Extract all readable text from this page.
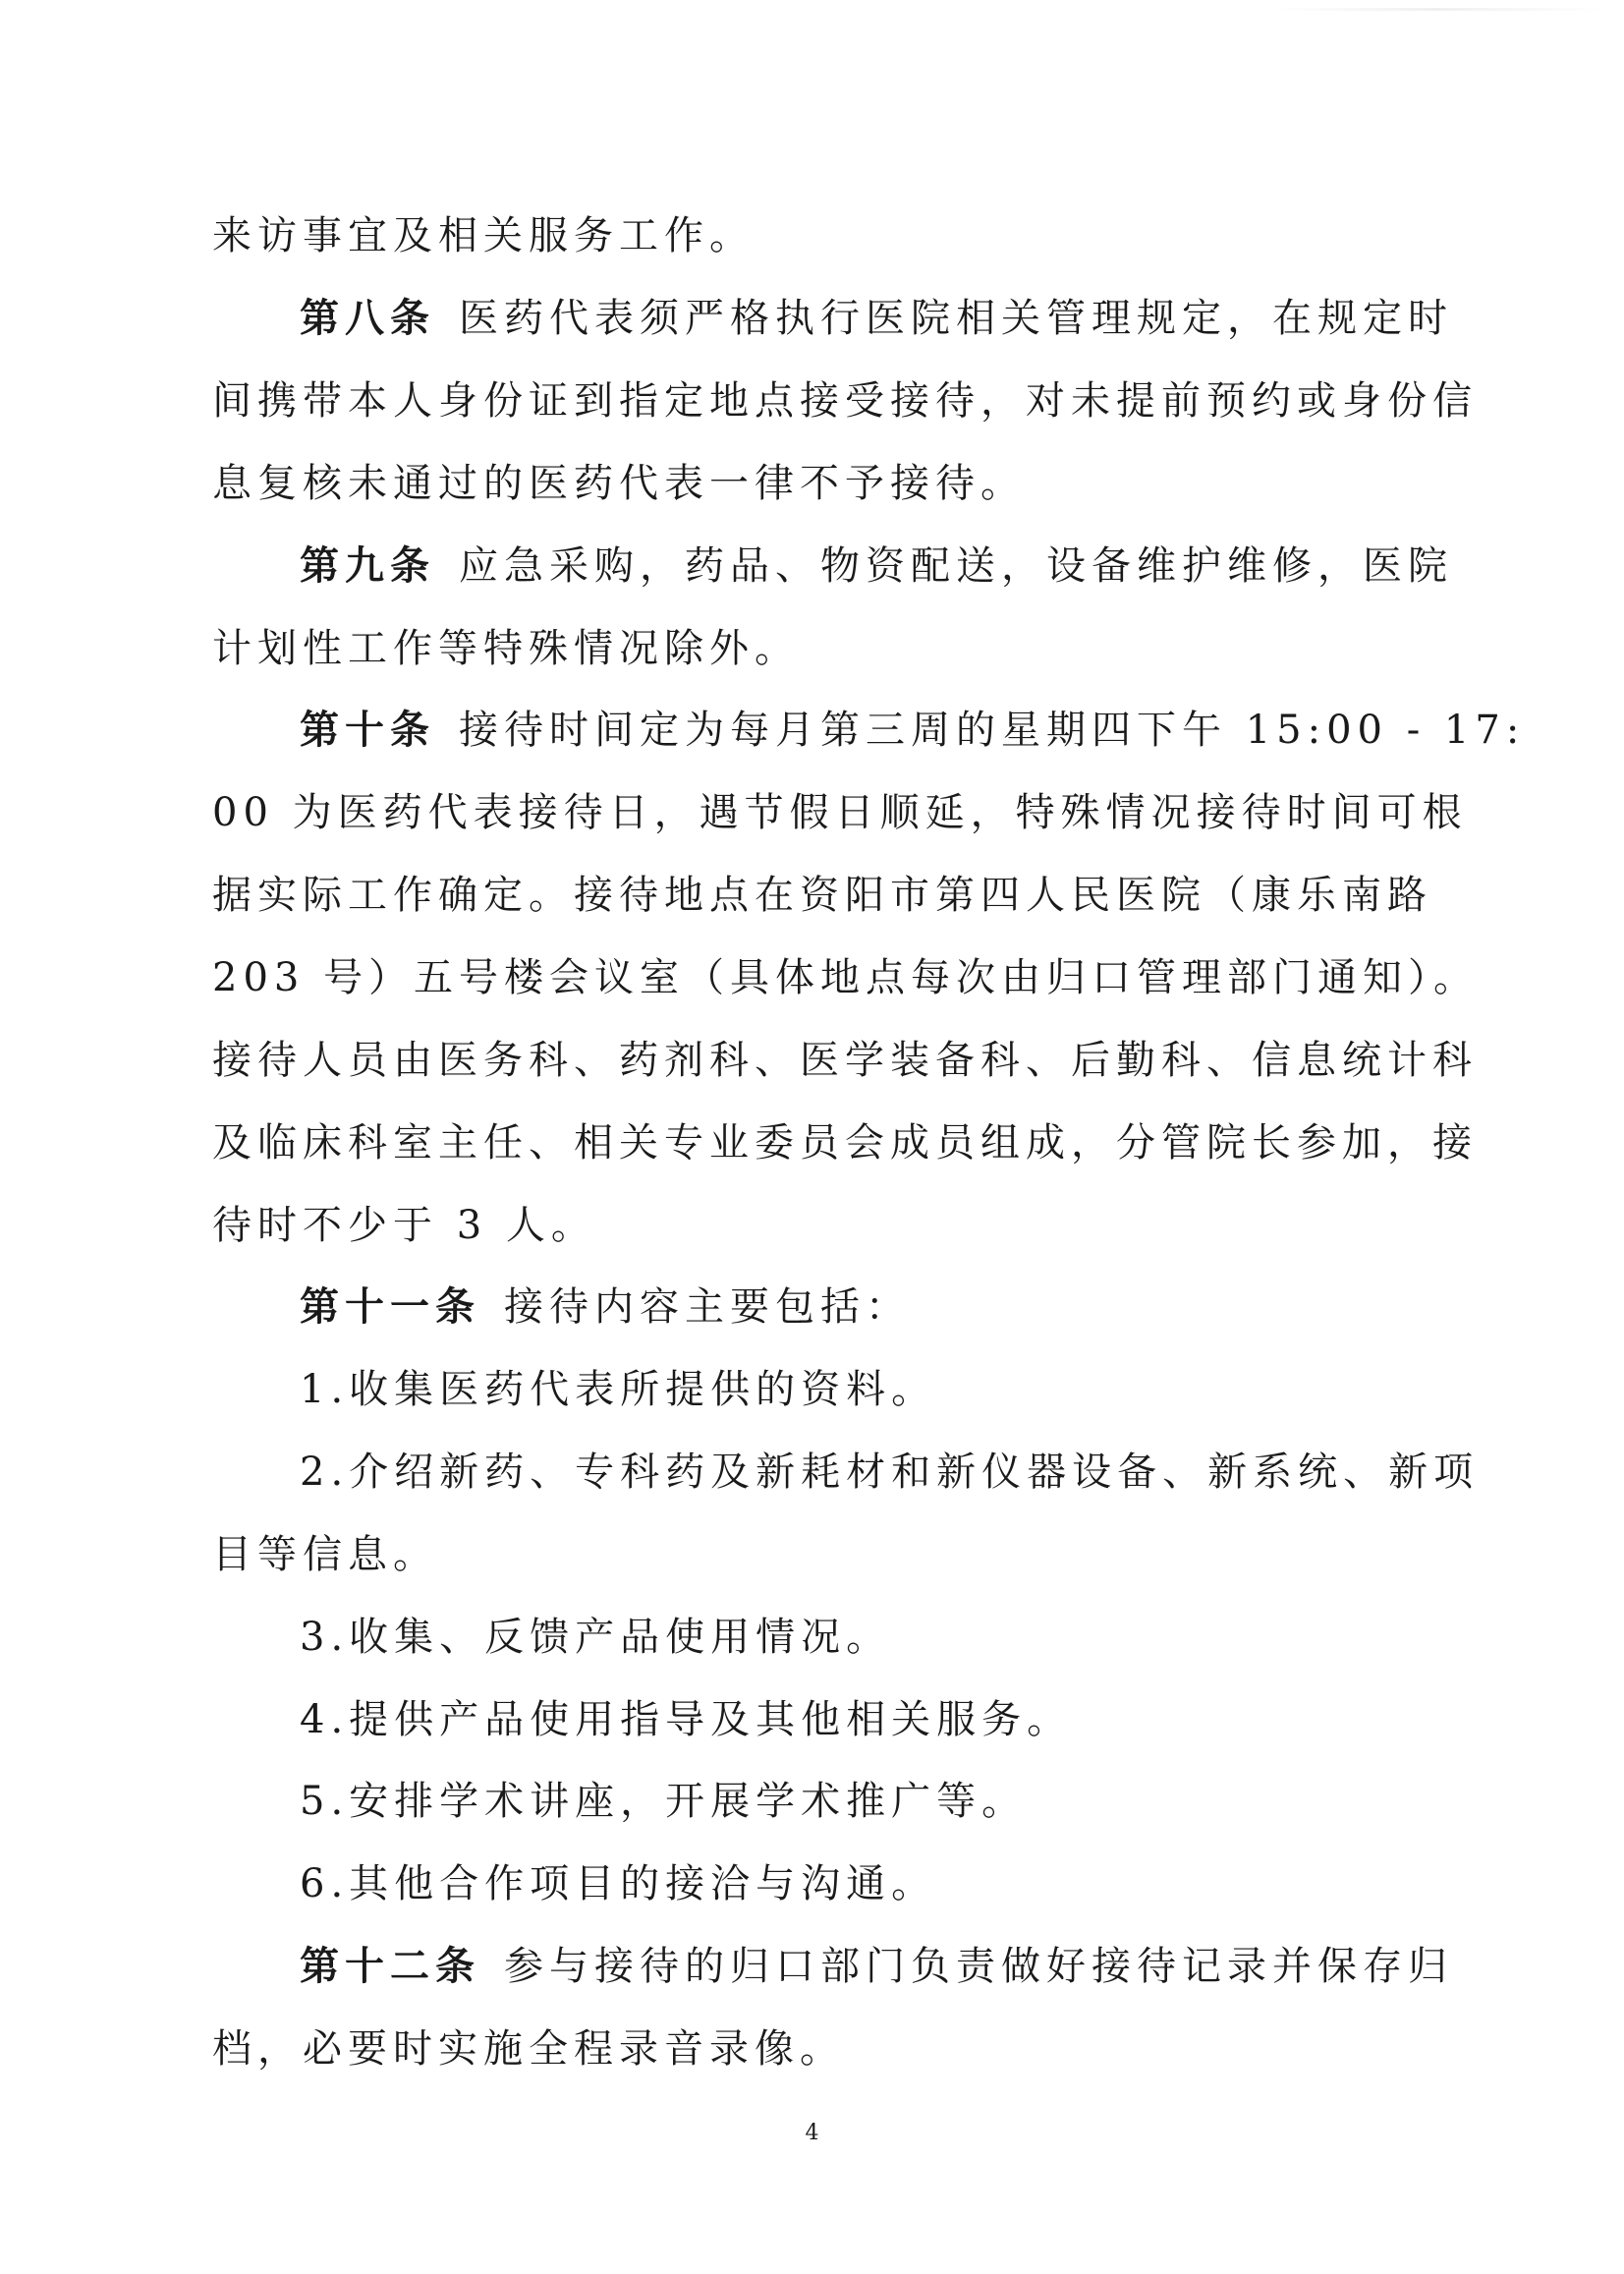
来访事宜及相关服务工作。
第八条 医药代表须严格执行医院相关管理规定，在规定时
间携带本人身份证到指定地点接受接待，对未提前预约或身份信
息复核未通过的医药代表一律不予接待。
第九条 应急采购，药品、物资配送，设备维护维修，医院
计划性工作等特殊情况除外。
第十条 接待时间定为每月第三周的星期四下午 15:00 - 17:
00 为医药代表接待日，遇节假日顺延，特殊情况接待时间可根
据实际工作确定。接待地点在资阳市第四人民医院（康乐南路
203 号）五号楼会议室（具体地点每次由归口管理部门通知）。
接待人员由医务科、药剂科、医学装备科、后勤科、信息统计科
及临床科室主任、相关专业委员会成员组成，分管院长参加，接
待时不少于 3 人。
第十一条 接待内容主要包括：
1.收集医药代表所提供的资料。
2.介绍新药、专科药及新耗材和新仪器设备、新系统、新项
目等信息。
3.收集、反馈产品使用情况。
4.提供产品使用指导及其他相关服务。
5.安排学术讲座，开展学术推广等。
6.其他合作项目的接洽与沟通。
第十二条 参与接待的归口部门负责做好接待记录并保存归
档，必要时实施全程录音录像。
4
